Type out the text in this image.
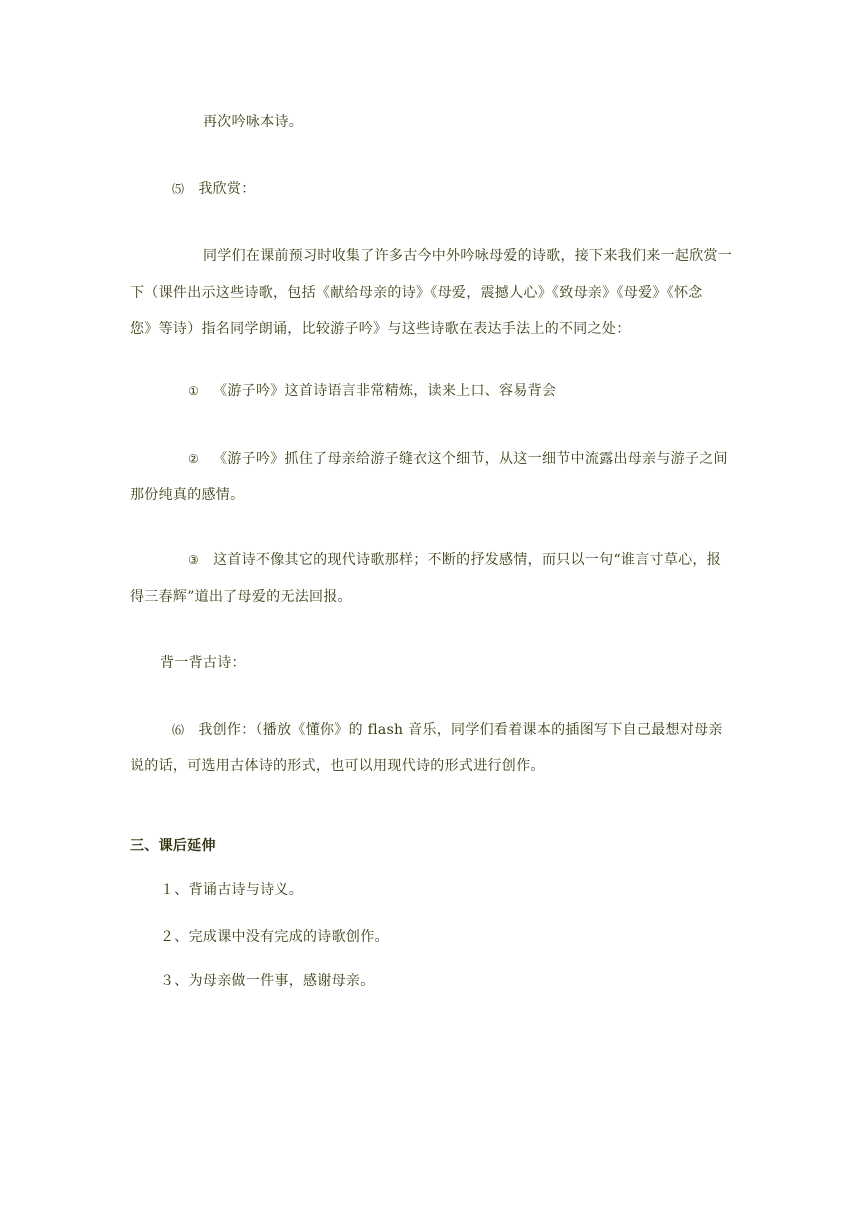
再次吟咏本诗。
⑸ 我欣赏：
同学们在课前预习时收集了许多古今中外吟咏母爱的诗歌，接下来我们来一起欣赏一
下（课件出示这些诗歌，包括《献给母亲的诗》《母爱，震撼人心》《致母亲》《母爱》《怀念
您》等诗）指名同学朗诵，比较游子吟》与这些诗歌在表达手法上的不同之处：
① 《游子吟》这首诗语言非常精炼，读来上口、容易背会
② 《游子吟》抓住了母亲给游子缝衣这个细节，从这一细节中流露出母亲与游子之间
那份纯真的感情。
③ 这首诗不像其它的现代诗歌那样；不断的抒发感情，而只以一句“谁言寸草心，报
得三春辉”道出了母爱的无法回报。
背一背古诗：
⑹ 我创作：（播放《懂你》的 flash 音乐，同学们看着课本的插图写下自己最想对母亲
说的话，可选用古体诗的形式，也可以用现代诗的形式进行创作。
三、课后延伸
１、背诵古诗与诗义。
２、完成课中没有完成的诗歌创作。
３、为母亲做一件事，感谢母亲。
